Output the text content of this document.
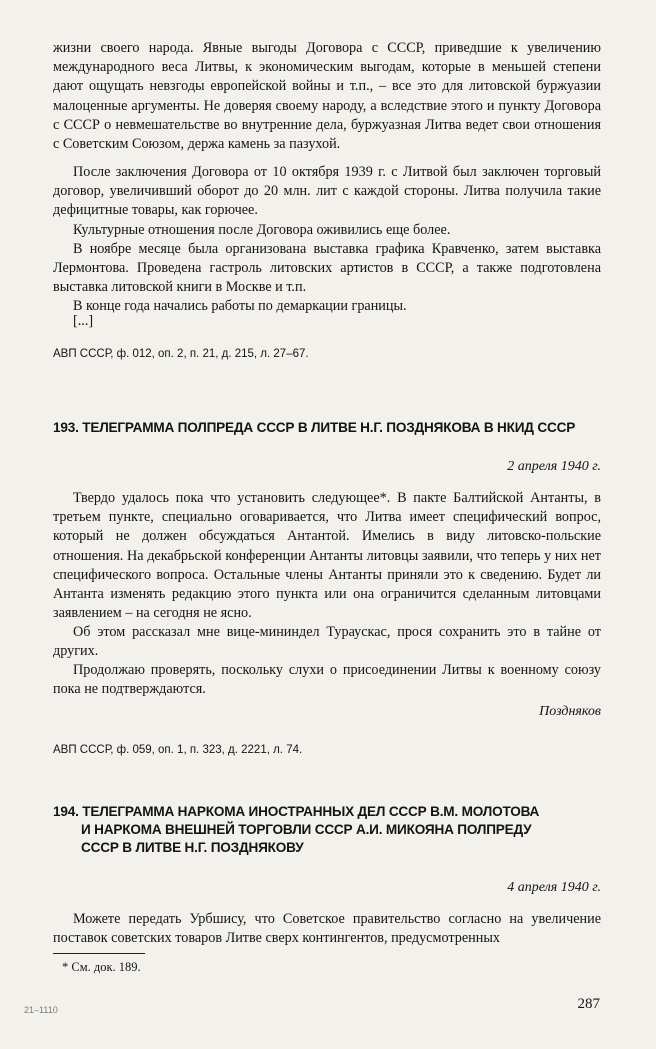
жизни своего народа. Явные выгоды Договора с СССР, приведшие к увеличению международного веса Литвы, к экономическим выгодам, которые в меньшей степени дают ощущать невзгоды европейской войны и т.п., – все это для литовской буржуазии малоценные аргументы. Не доверяя своему народу, а вследствие этого и пункту Договора с СССР о невмешательстве во внутренние дела, буржуазная Литва ведет свои отношения с Советским Союзом, держа камень за пазухой.

После заключения Договора от 10 октября 1939 г. с Литвой был заключен торговый договор, увеличивший оборот до 20 млн. лит с каждой стороны. Литва получила такие дефицитные товары, как горючее.

Культурные отношения после Договора оживились еще более.

В ноябре месяце была организована выставка графика Кравченко, затем выставка Лермонтова. Проведена гастроль литовских артистов в СССР, а также подготовлена выставка литовской книги в Москве и т.п.

В конце года начались работы по демаркации границы.

[...]

АВП СССР, ф. 012, оп. 2, п. 21, д. 215, л. 27–67.

193. ТЕЛЕГРАММА ПОЛПРЕДА СССР В ЛИТВЕ Н.Г. ПОЗДНЯКОВА В НКИД СССР

2 апреля 1940 г.

Твердо удалось пока что установить следующее*. В пакте Балтийской Антанты, в третьем пункте, специально оговаривается, что Литва имеет специфический вопрос, который не должен обсуждаться Антантой. Имелись в виду литовско-польские отношения. На декабрьской конференции Антанты литовцы заявили, что теперь у них нет специфического вопроса. Остальные члены Антанты приняли это к сведению. Будет ли Антанта изменять редакцию этого пункта или она ограничится сделанным литовцами заявлением – на сегодня не ясно.

Об этом рассказал мне вице-мининдел Тураускас, прося сохранить это в тайне от других.

Продолжаю проверять, поскольку слухи о присоединении Литвы к военному союзу пока не подтверждаются.

Поздняков

АВП СССР, ф. 059, оп. 1, п. 323, д. 2221, л. 74.

194. ТЕЛЕГРАММА НАРКОМА ИНОСТРАННЫХ ДЕЛ СССР В.М. МОЛОТОВА
И НАРКОМА ВНЕШНЕЙ ТОРГОВЛИ СССР А.И. МИКОЯНА ПОЛПРЕДУ
СССР В ЛИТВЕ Н.Г. ПОЗДНЯКОВУ

4 апреля 1940 г.

Можете передать Урбшису, что Советское правительство согласно на увеличение поставок советских товаров Литве сверх контингентов, предусмотренных

* См. док. 189.

287

21–1110
